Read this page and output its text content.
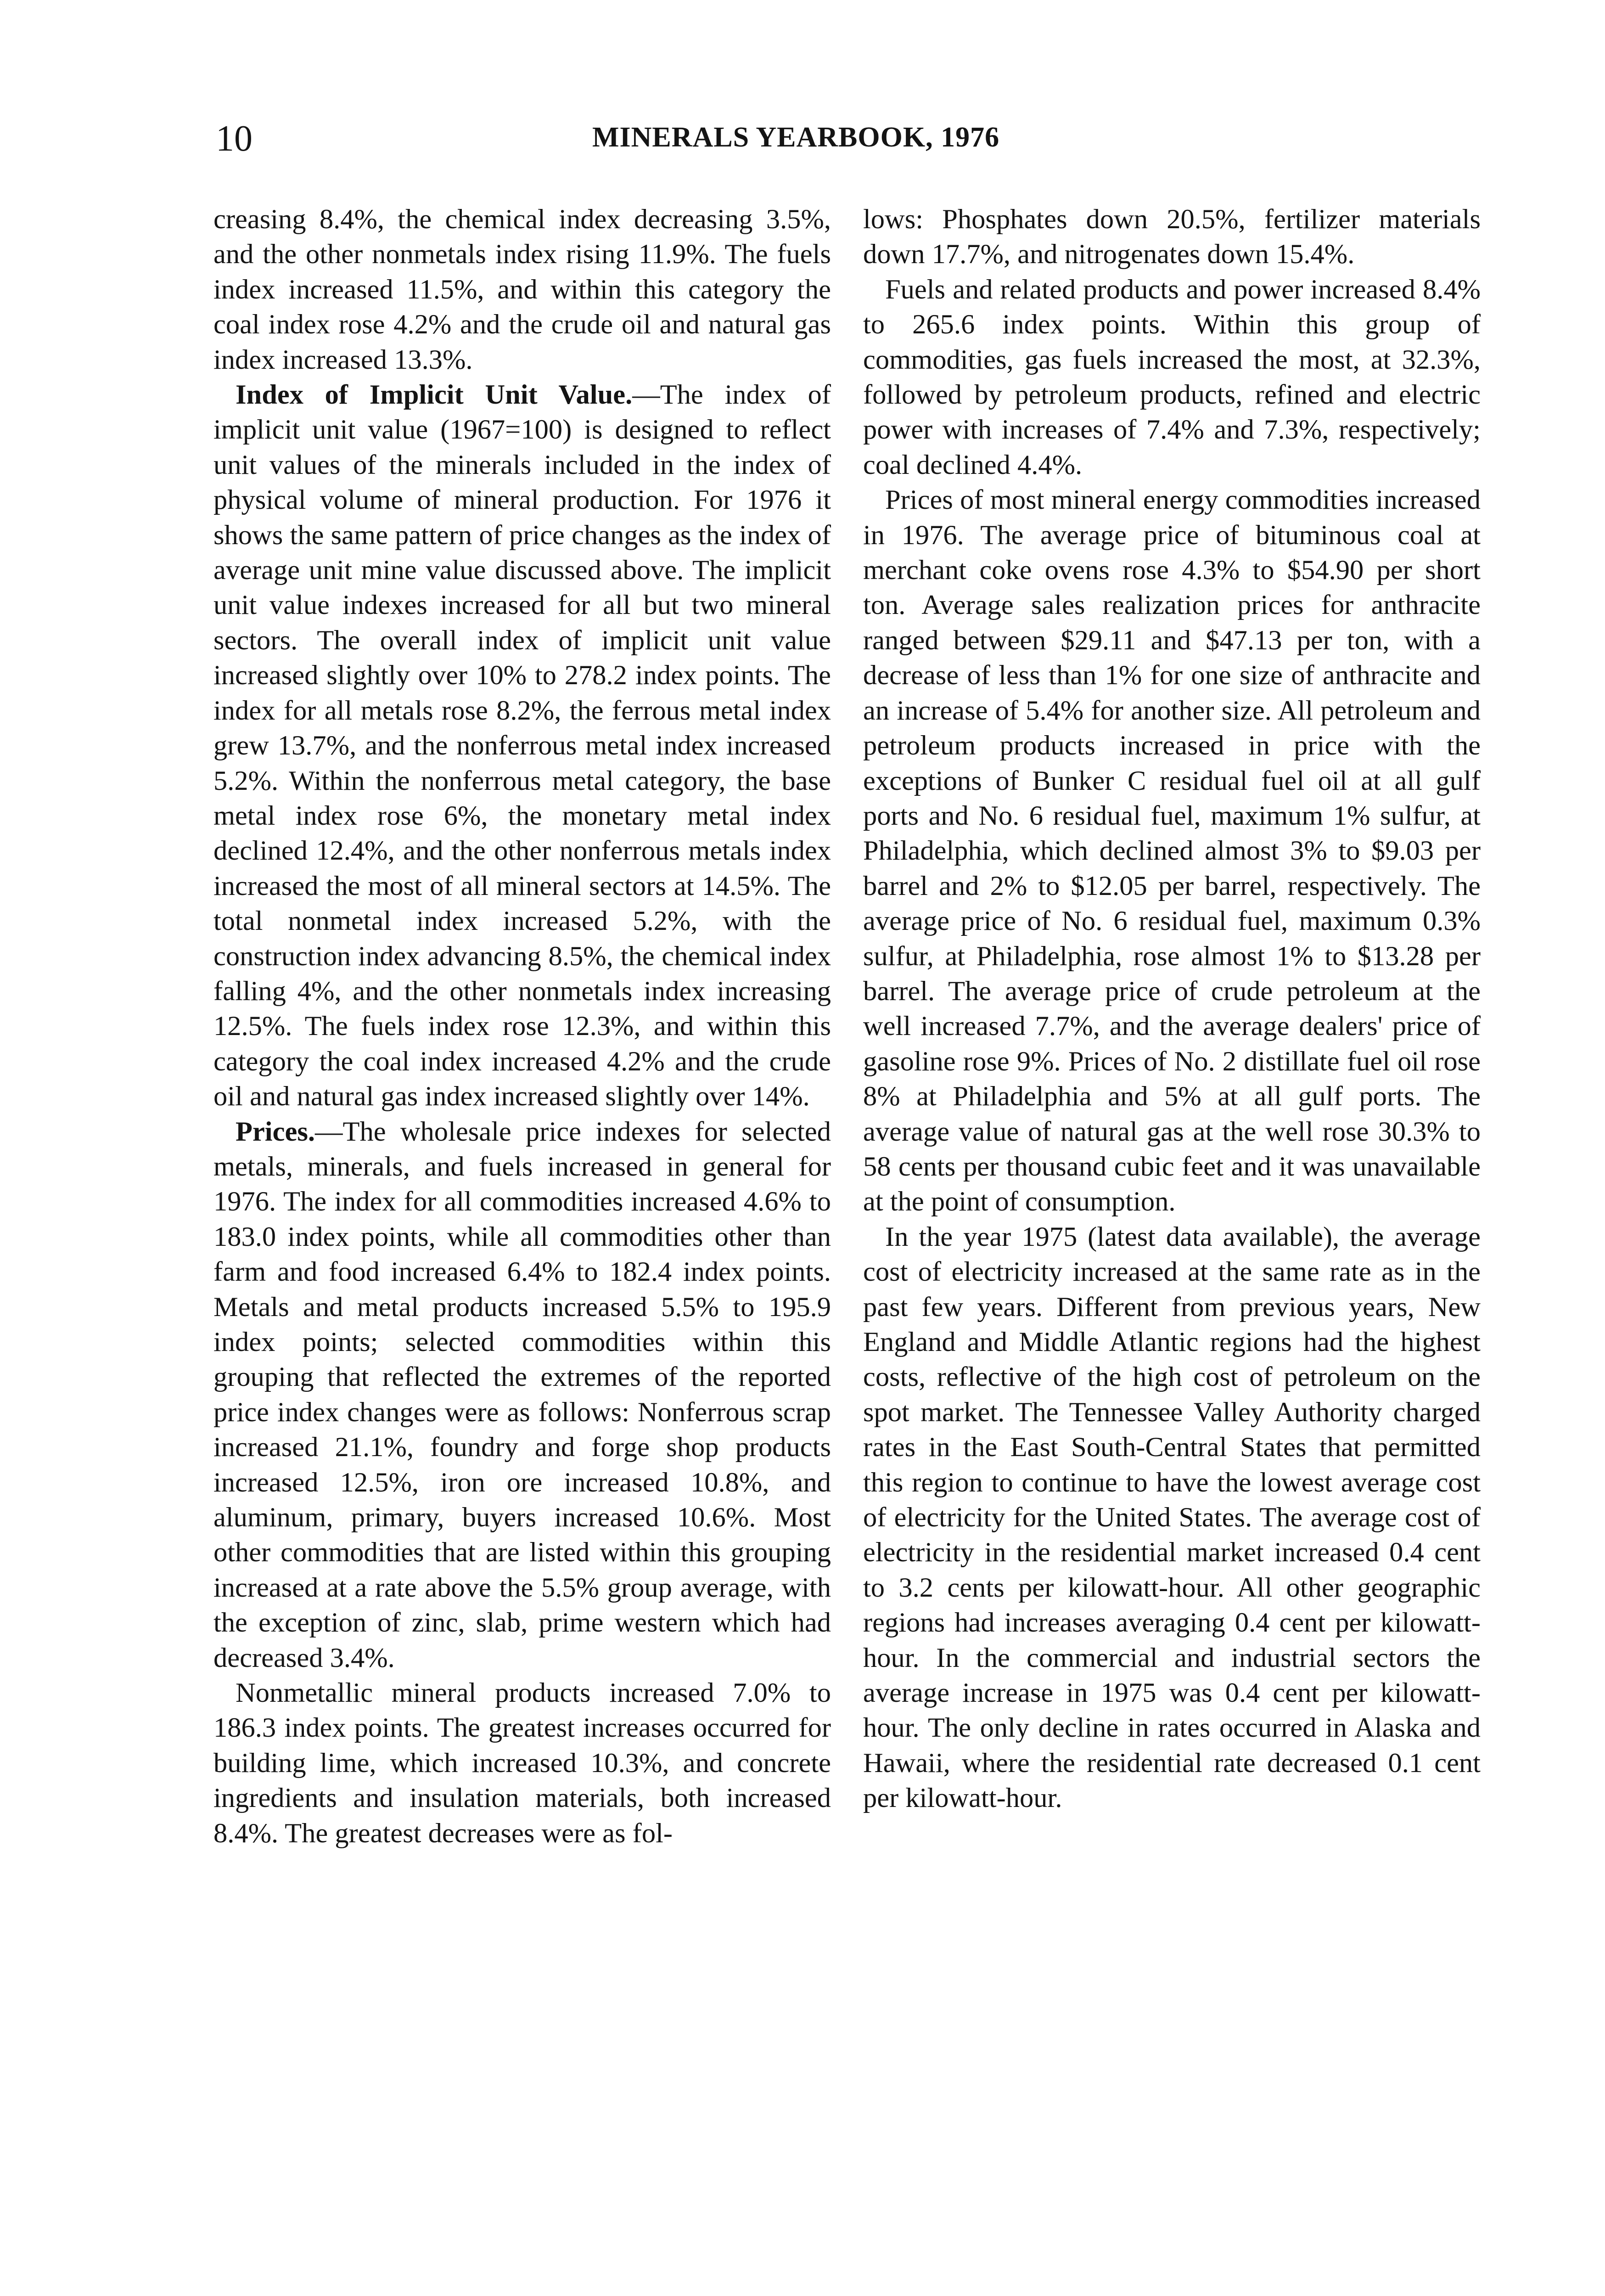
10	MINERALS YEARBOOK, 1976

creasing 8.4%, the chemical index decreasing 3.5%, and the other nonmetals index rising 11.9%. The fuels index increased 11.5%, and within this category the coal index rose 4.2% and the crude oil and natural gas index increased 13.3%.

Index of Implicit Unit Value.—The index of implicit unit value (1967=100) is designed to reflect unit values of the minerals included in the index of physical volume of mineral production. For 1976 it shows the same pattern of price changes as the index of average unit mine value discussed above. The implicit unit value indexes increased for all but two mineral sectors. The overall index of implicit unit value increased slightly over 10% to 278.2 index points. The index for all metals rose 8.2%, the ferrous metal index grew 13.7%, and the nonferrous metal index increased 5.2%. Within the nonferrous metal category, the base metal index rose 6%, the monetary metal index declined 12.4%, and the other nonferrous metals index increased the most of all mineral sectors at 14.5%. The total nonmetal index increased 5.2%, with the construction index advancing 8.5%, the chemical index falling 4%, and the other nonmetals index increasing 12.5%. The fuels index rose 12.3%, and within this category the coal index increased 4.2% and the crude oil and natural gas index increased slightly over 14%.

Prices.—The wholesale price indexes for selected metals, minerals, and fuels increased in general for 1976. The index for all commodities increased 4.6% to 183.0 index points, while all commodities other than farm and food increased 6.4% to 182.4 index points. Metals and metal products increased 5.5% to 195.9 index points; selected commodities within this grouping that reflected the extremes of the reported price index changes were as follows: Nonferrous scrap increased 21.1%, foundry and forge shop products increased 12.5%, iron ore increased 10.8%, and aluminum, primary, buyers increased 10.6%. Most other commodities that are listed within this grouping increased at a rate above the 5.5% group average, with the exception of zinc, slab, prime western which had decreased 3.4%.

Nonmetallic mineral products increased 7.0% to 186.3 index points. The greatest increases occurred for building lime, which increased 10.3%, and concrete ingredients and insulation materials, both increased 8.4%. The greatest decreases were as fol-

lows: Phosphates down 20.5%, fertilizer materials down 17.7%, and nitrogenates down 15.4%.

Fuels and related products and power increased 8.4% to 265.6 index points. Within this group of commodities, gas fuels increased the most, at 32.3%, followed by petroleum products, refined and electric power with increases of 7.4% and 7.3%, respectively; coal declined 4.4%.

Prices of most mineral energy commodities increased in 1976. The average price of bituminous coal at merchant coke ovens rose 4.3% to $54.90 per short ton. Average sales realization prices for anthracite ranged between $29.11 and $47.13 per ton, with a decrease of less than 1% for one size of anthracite and an increase of 5.4% for another size. All petroleum and petroleum products increased in price with the exceptions of Bunker C residual fuel oil at all gulf ports and No. 6 residual fuel, maximum 1% sulfur, at Philadelphia, which declined almost 3% to $9.03 per barrel and 2% to $12.05 per barrel, respectively. The average price of No. 6 residual fuel, maximum 0.3% sulfur, at Philadelphia, rose almost 1% to $13.28 per barrel. The average price of crude petroleum at the well increased 7.7%, and the average dealers' price of gasoline rose 9%. Prices of No. 2 distillate fuel oil rose 8% at Philadelphia and 5% at all gulf ports. The average value of natural gas at the well rose 30.3% to 58 cents per thousand cubic feet and it was unavailable at the point of consumption.

In the year 1975 (latest data available), the average cost of electricity increased at the same rate as in the past few years. Different from previous years, New England and Middle Atlantic regions had the highest costs, reflective of the high cost of petroleum on the spot market. The Tennessee Valley Authority charged rates in the East South-Central States that permitted this region to continue to have the lowest average cost of electricity for the United States. The average cost of electricity in the residential market increased 0.4 cent to 3.2 cents per kilowatt-hour. All other geographic regions had increases averaging 0.4 cent per kilowatt-hour. In the commercial and industrial sectors the average increase in 1975 was 0.4 cent per kilowatt-hour. The only decline in rates occurred in Alaska and Hawaii, where the residential rate decreased 0.1 cent per kilowatt-hour.
